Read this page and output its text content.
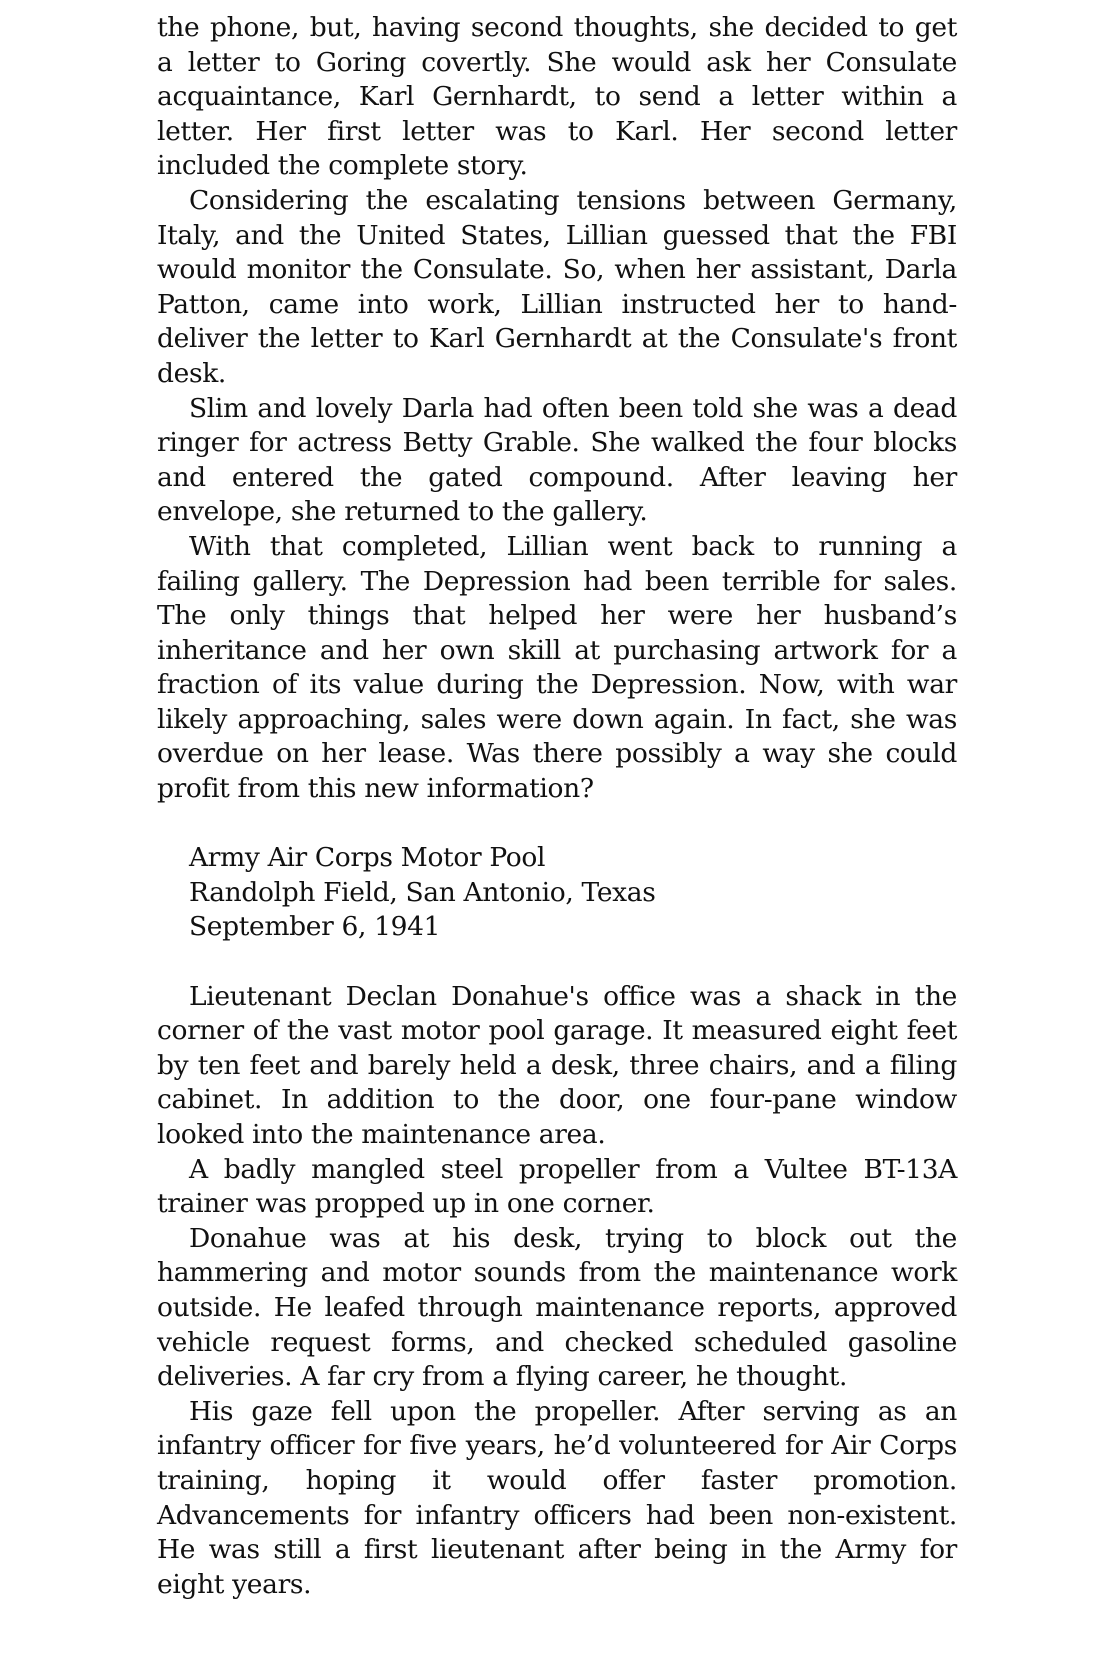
the phone, but, having second thoughts, she decided to get a letter to Goring covertly. She would ask her Consulate acquaintance, Karl Gernhardt, to send a letter within a letter. Her first letter was to Karl. Her second letter included the complete story.

Considering the escalating tensions between Germany, Italy, and the United States, Lillian guessed that the FBI would monitor the Consulate. So, when her assistant, Darla Patton, came into work, Lillian instructed her to hand-deliver the letter to Karl Gernhardt at the Consulate's front desk.

Slim and lovely Darla had often been told she was a dead ringer for actress Betty Grable. She walked the four blocks and entered the gated compound. After leaving her envelope, she returned to the gallery.

With that completed, Lillian went back to running a failing gallery. The Depression had been terrible for sales. The only things that helped her were her husband’s inheritance and her own skill at purchasing artwork for a fraction of its value during the Depression. Now, with war likely approaching, sales were down again. In fact, she was overdue on her lease. Was there possibly a way she could profit from this new information?

Army Air Corps Motor Pool
Randolph Field, San Antonio, Texas
September 6, 1941

Lieutenant Declan Donahue's office was a shack in the corner of the vast motor pool garage. It measured eight feet by ten feet and barely held a desk, three chairs, and a filing cabinet. In addition to the door, one four-pane window looked into the maintenance area.

A badly mangled steel propeller from a Vultee BT-13A trainer was propped up in one corner.

Donahue was at his desk, trying to block out the hammering and motor sounds from the maintenance work outside. He leafed through maintenance reports, approved vehicle request forms, and checked scheduled gasoline deliveries. A far cry from a flying career, he thought.

His gaze fell upon the propeller. After serving as an infantry officer for five years, he’d volunteered for Air Corps training, hoping it would offer faster promotion. Advancements for infantry officers had been non-existent. He was still a first lieutenant after being in the Army for eight years.
